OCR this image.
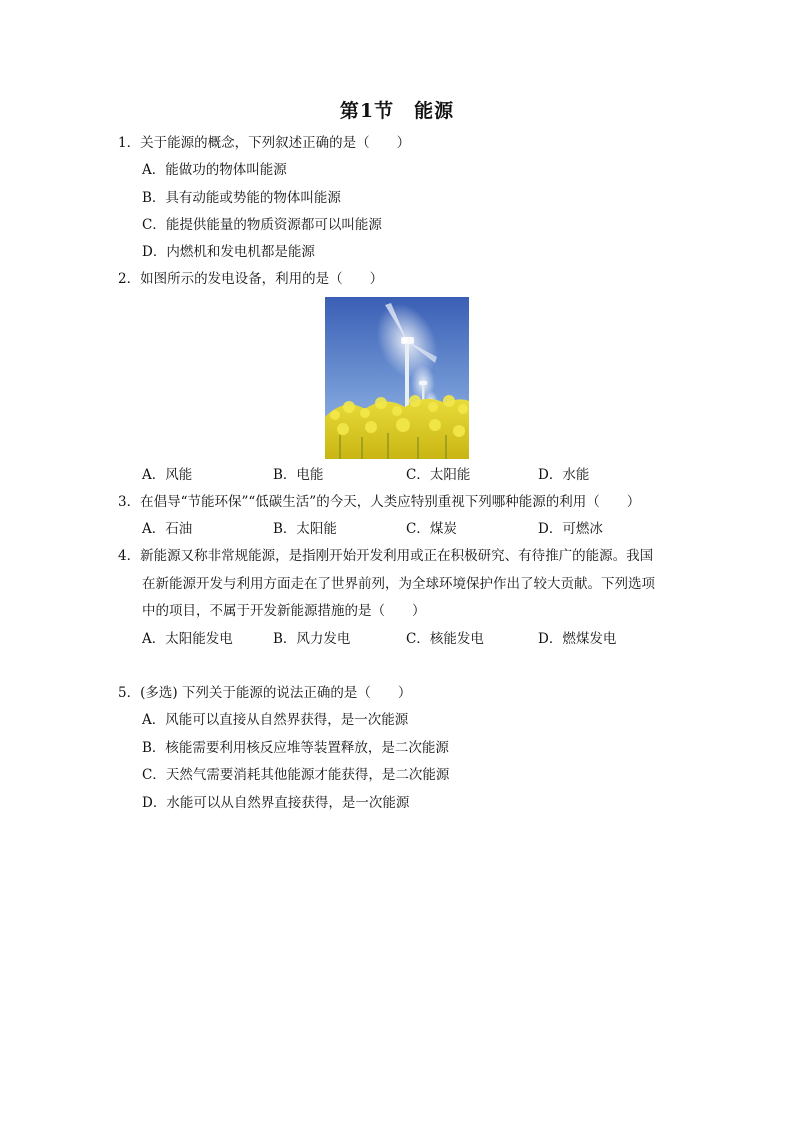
第1节　能源
1．关于能源的概念，下列叙述正确的是（　　）
A．能做功的物体叫能源
B．具有动能或势能的物体叫能源
C．能提供能量的物质资源都可以叫能源
D．内燃机和发电机都是能源
2．如图所示的发电设备，利用的是（　　）
A．风能	B．电能	C．太阳能	D．水能
3．在倡导“节能环保”“低碳生活”的今天，人类应特别重视下列哪种能源的利用（　　）
A．石油	B．太阳能	C．煤炭	D．可燃冰
4．新能源又称非常规能源，是指刚开始开发利用或正在积极研究、有待推广的能源。我国
在新能源开发与利用方面走在了世界前列，为全球环境保护作出了较大贡献。下列选项
中的项目，不属于开发新能源措施的是（　　）
A．太阳能发电	B．风力发电	C．核能发电	D．燃煤发电
5．(多选) 下列关于能源的说法正确的是（　　）
A．风能可以直接从自然界获得，是一次能源
B．核能需要利用核反应堆等装置释放，是二次能源
C．天然气需要消耗其他能源才能获得，是二次能源
D．水能可以从自然界直接获得，是一次能源
